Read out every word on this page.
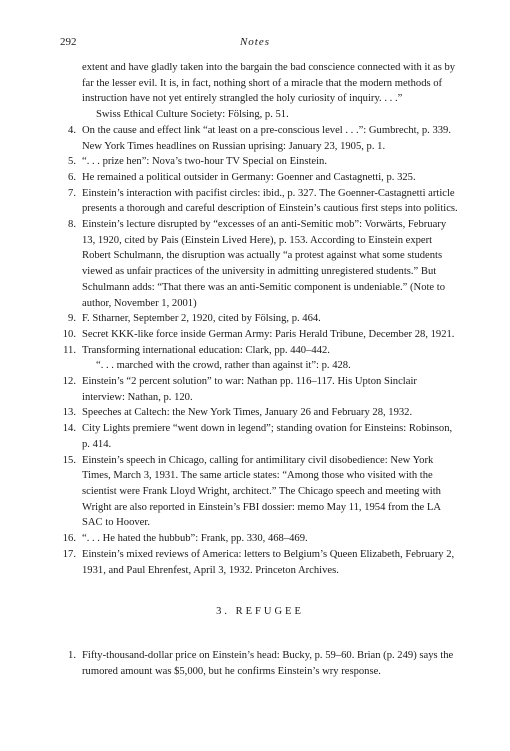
292	Notes

extent and have gladly taken into the bargain the bad conscience connected with it as by far the lesser evil. It is, in fact, nothing short of a miracle that the modern methods of instruction have not yet entirely strangled the holy curiosity of inquiry. . . .”

Swiss Ethical Culture Society: Fölsing, p. 51.

4. On the cause and effect link “at least on a pre-conscious level . . .”: Gumbrecht, p. 339. New York Times headlines on Russian uprising: January 23, 1905, p. 1.
5. “. . . prize hen”: Nova’s two-hour TV Special on Einstein.
6. He remained a political outsider in Germany: Goenner and Castagnetti, p. 325.
7. Einstein’s interaction with pacifist circles: ibid., p. 327. The Goenner-Castagnetti article presents a thorough and careful description of Einstein’s cautious first steps into politics.
8. Einstein’s lecture disrupted by “excesses of an anti-Semitic mob”: Vorwärts, February 13, 1920, cited by Pais (Einstein Lived Here), p. 153. According to Einstein expert Robert Schulmann, the disruption was actually “a protest against what some students viewed as unfair practices of the university in admitting unregistered students.” But Schulmann adds: “That there was an anti-Semitic component is undeniable.” (Note to author, November 1, 2001)
9. F. Stharner, September 2, 1920, cited by Fölsing, p. 464.
10. Secret KKK-like force inside German Army: Paris Herald Tribune, December 28, 1921.
11. Transforming international education: Clark, pp. 440–442.

“. . . marched with the crowd, rather than against it”: p. 428.

12. Einstein’s “2 percent solution” to war: Nathan pp. 116–117. His Upton Sinclair interview: Nathan, p. 120.
13. Speeches at Caltech: the New York Times, January 26 and February 28, 1932.
14. City Lights premiere “went down in legend”; standing ovation for Einsteins: Robinson, p. 414.
15. Einstein’s speech in Chicago, calling for antimilitary civil disobedience: New York Times, March 3, 1931. The same article states: “Among those who visited with the scientist were Frank Lloyd Wright, architect.” The Chicago speech and meeting with Wright are also reported in Einstein’s FBI dossier: memo May 11, 1954 from the LA SAC to Hoover.
16. “. . . He hated the hubbub”: Frank, pp. 330, 468–469.
17. Einstein’s mixed reviews of America: letters to Belgium’s Queen Elizabeth, February 2, 1931, and Paul Ehrenfest, April 3, 1932. Princeton Archives.
3. REFUGEE
1. Fifty-thousand-dollar price on Einstein’s head: Bucky, p. 59–60. Brian (p. 249) says the rumored amount was $5,000, but he confirms Einstein’s wry response.
